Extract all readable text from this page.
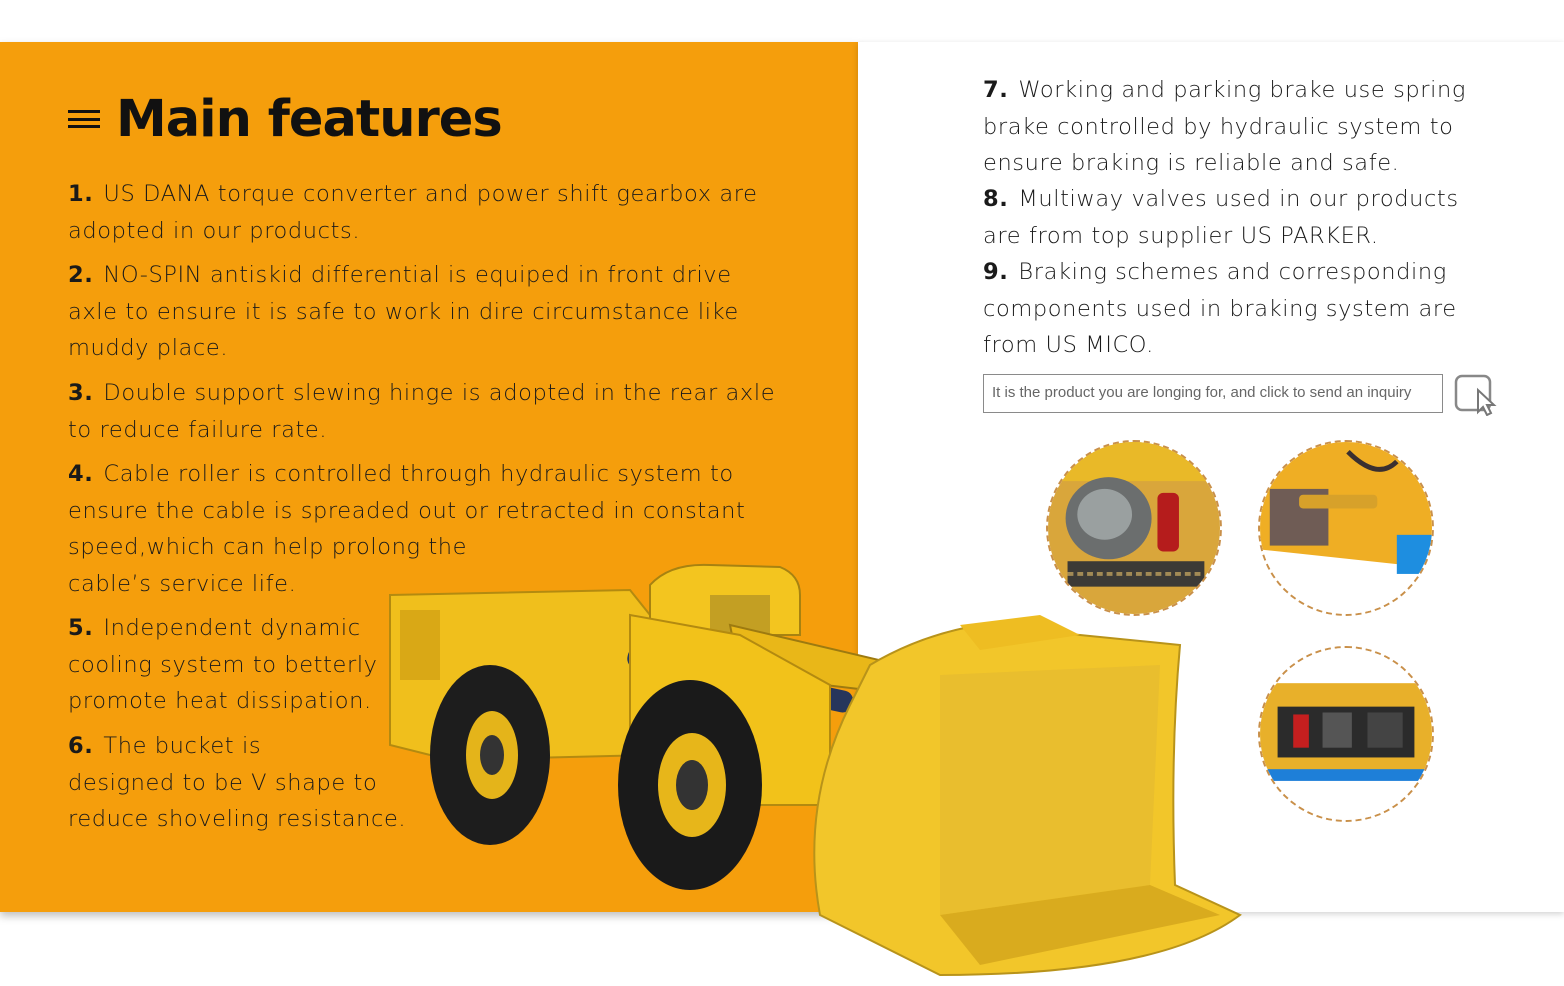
Main features
1. US DANA torque converter and power shift gearbox are
adopted in our products.
2. NO-SPIN antiskid differential is equiped in front drive
axle to ensure it is safe to work in dire circumstance like
muddy place.
3. Double support slewing hinge is adopted in the rear axle
to reduce failure rate.
4. Cable roller is controlled through hydraulic system to
ensure the cable is spreaded out or retracted in constant
speed,which can help prolong the
cable’s service life.
5. Independent dynamic
cooling system to betterly
promote heat dissipation.
6. The bucket is
designed to be V shape to
reduce shoveling resistance.
7. Working and parking brake use spring
brake controlled by hydraulic system to
ensure braking is reliable and safe.
8. Multiway valves used in our products
are from top supplier US PARKER.
9. Braking schemes and corresponding
components used in braking system are
from US MICO.
It is the product you are longing for, and click to send an inquiry
